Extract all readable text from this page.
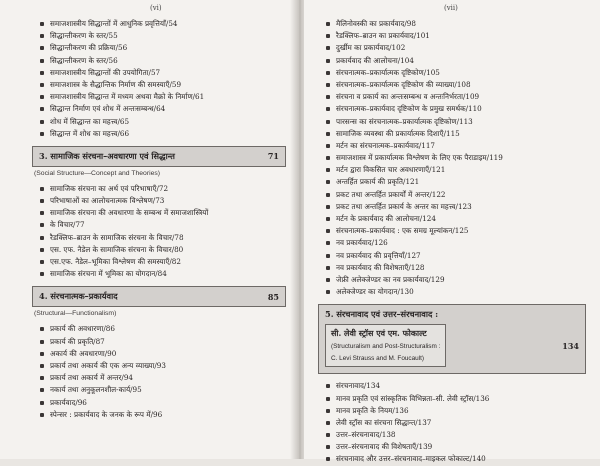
(vi)
समाजशास्त्रीय सिद्धान्तों में आधुनिक प्रवृत्तियाँ/54
सिद्धान्तीकरण के स्तर/55
सिद्धान्तीकरण की प्रक्रिया/56
सिद्धान्तीकरण के स्तर/56
समाजशास्त्रीय सिद्धान्तों की उपयोगिता/57
समाजशास्त्र के सैद्धान्तिक निर्माण की समस्याएँ/59
समाजशास्त्रीय सिद्धान्त में मध्यम अथवा मैक्रो के निर्माण/61
सिद्धान्त निर्माण एवं शोध में अन्तःसम्बन्ध/64
शोध में सिद्धान्त का महत्त्व/65
सिद्धान्त में शोध का महत्त्व/66
3. सामाजिक संरचना–अवधारणा एवं सिद्धान्त	71
(Social Structure—Concept and Theories)
सामाजिक संरचना का अर्थ एवं परिभाषाएँ/72
परिभाषाओं का आलोचनात्मक विश्लेषण/73
सामाजिक संरचना की अवधारणा के सम्बन्ध में समाजशास्त्रियों
के विचार/77
रैडक्लिफ–ब्राउन के सामाजिक संरचना के विचार/78
एस. एफ. नैडेल के सामाजिक संरचना के विचार/80
एस.एफ. नैडेल–भूमिका विश्लेषण की समस्याएँ/82
सामाजिक संरचना में भूमिका का योगदान/84
4. संरचनात्मक–प्रकार्यवाद	85
(Structural—Functionalism)
प्रकार्य की अवधारणा/86
प्रकार्य की प्रकृति/87
अकार्य की अवधारणा/90
प्रकार्य तथा अकार्य की एक अन्य व्याख्या/93
प्रकार्य तथा अकार्य में अन्तर/94
नकार्य तथा अनुकूलनशील-कार्य/95
प्रकार्यवाद/96
स्पेन्सर : प्रकार्यवाद के जनक के रूप में/96
(vii)
मैलिनोवस्की का प्रकार्यवाद/98
रैडक्लिफ–ब्राउन का प्रकार्यवाद/101
दुर्खीम का प्रकार्यवाद/102
प्रकार्यवाद की आलोचना/104
संरचनात्मक–प्रकार्यात्मक दृष्टिकोण/105
संरचनात्मक–प्रकार्यात्मक दृष्टिकोण की व्याख्या/108
संरचना व प्रकार्य का अन्तःसम्बन्ध व अन्तःनिर्भरता/109
संरचनात्मक–प्रकार्यवाद दृष्टिकोण के प्रमुख समर्थक/110
पारसन्स का संरचनात्मक–प्रकार्यात्मक दृष्टिकोण/113
सामाजिक व्यवस्था की प्रकार्यात्मक दिशाएँ/115
मर्टन का संरचनात्मक–प्रकार्यवाद/117
समाजशास्त्र में प्रकार्यात्मक विश्लेषण के लिए एक पैराडाइम/119
मर्टन द्वारा विकसित चार अवधारणाएँ/121
अन्तर्हित प्रकार्य की प्रकृति/121
प्रकट तथा अन्तर्हित प्रकार्यों में अन्तर/122
प्रकट तथा अन्तर्हित प्रकार्य के अन्तर का महत्त्व/123
मर्टन के प्रकार्यवाद की आलोचना/124
संरचनात्मक–प्रकार्यवाद : एक समग्र मूल्यांकन/125
नव प्रकार्यवाद/126
नव प्रकार्यवाद की प्रवृत्तियाँ/127
नव प्रकार्यवाद की विशेषताएँ/128
जेफ्री अलेक्जेण्डर का नव प्रकार्यवाद/129
अलेक्जेण्डर का योगदान/130
5. संरचनावाद एवं उत्तर–संरचनावाद :
सी. लेवी स्ट्रॉस एवं एम. फोकाल्ट
(Structuralism and Post-Structuralism :
C. Levi Strauss and M. Foucault)
134
संरचनावाद/134
मानव प्रकृति एवं सांस्कृतिक विभिन्नता–सी. लेवी स्ट्रॉस/136
मानव प्रकृति के नियम/136
लेवी स्ट्रॉस का संरचना सिद्धान्त/137
उत्तर–संरचनावाद/138
उत्तर–संरचनावाद की विशेषताएँ/139
संरचनावाद और उत्तर–संरचनावाद–माइकल फोकाल्ट/140
